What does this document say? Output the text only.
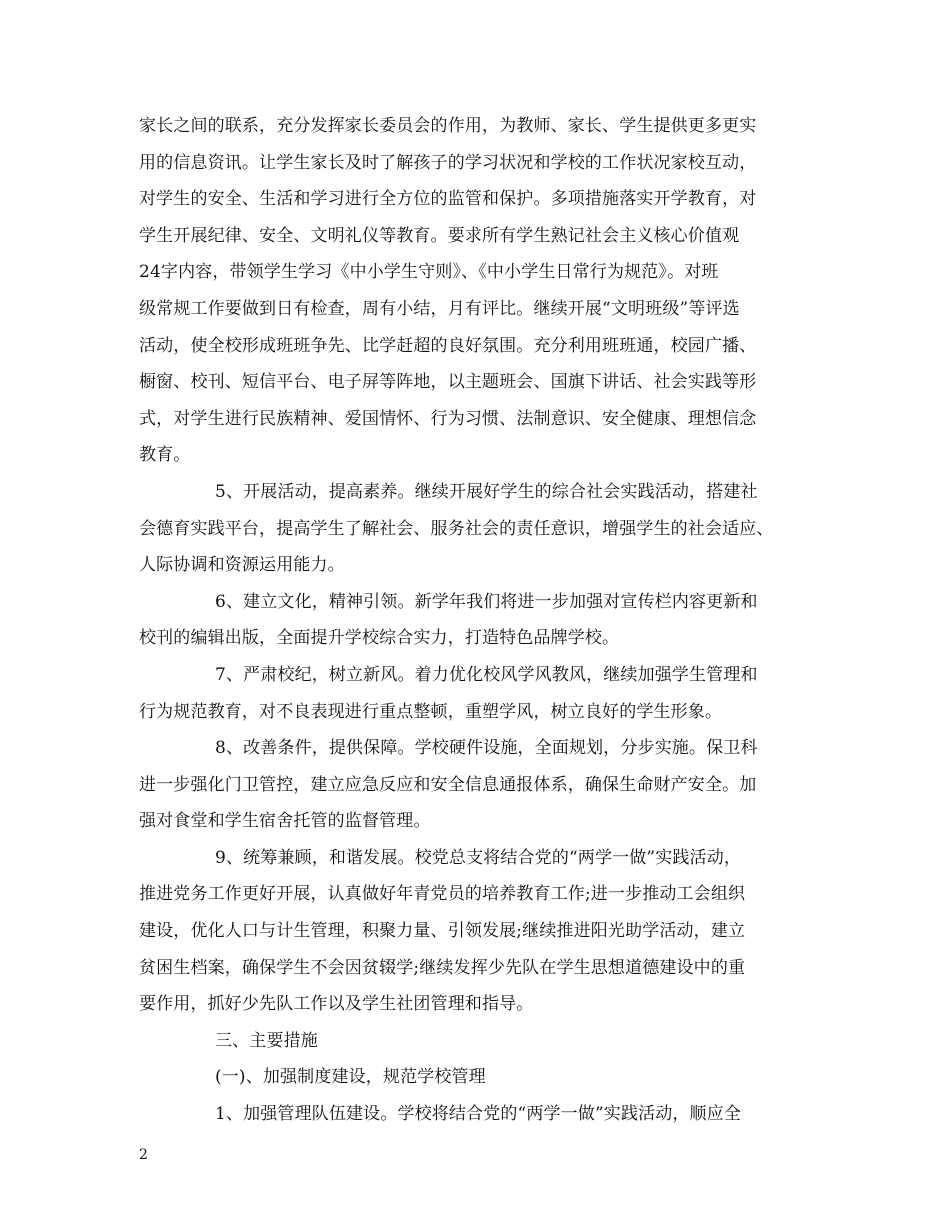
家长之间的联系，充分发挥家长委员会的作用，为教师、家长、学生提供更多更实
用的信息资讯。让学生家长及时了解孩子的学习状况和学校的工作状况家校互动，
对学生的安全、生活和学习进行全方位的监管和保护。多项措施落实开学教育，对
学生开展纪律、安全、文明礼仪等教育。要求所有学生熟记社会主义核心价值观
24字内容，带领学生学习《中小学生守则》、《中小学生日常行为规范》。对班
级常规工作要做到日有检查，周有小结，月有评比。继续开展“文明班级”等评选
活动，使全校形成班班争先、比学赶超的良好氛围。充分利用班班通，校园广播、
橱窗、校刊、短信平台、电子屏等阵地，以主题班会、国旗下讲话、社会实践等形
式，对学生进行民族精神、爱国情怀、行为习惯、法制意识、安全健康、理想信念
教育。
5、开展活动，提高素养。继续开展好学生的综合社会实践活动，搭建社
会德育实践平台，提高学生了解社会、服务社会的责任意识，增强学生的社会适应、
人际协调和资源运用能力。
6、建立文化，精神引领。新学年我们将进一步加强对宣传栏内容更新和
校刊的编辑出版，全面提升学校综合实力，打造特色品牌学校。
7、严肃校纪，树立新风。着力优化校风学风教风，继续加强学生管理和
行为规范教育，对不良表现进行重点整顿，重塑学风，树立良好的学生形象。
8、改善条件，提供保障。学校硬件设施，全面规划，分步实施。保卫科
进一步强化门卫管控，建立应急反应和安全信息通报体系，确保生命财产安全。加
强对食堂和学生宿舍托管的监督管理。
9、统筹兼顾，和谐发展。校党总支将结合党的“两学一做”实践活动，
推进党务工作更好开展，认真做好年青党员的培养教育工作;进一步推动工会组织
建设，优化人口与计生管理，积聚力量、引领发展;继续推进阳光助学活动，建立
贫困生档案，确保学生不会因贫辍学;继续发挥少先队在学生思想道德建设中的重
要作用，抓好少先队工作以及学生社团管理和指导。
三、主要措施
(一)、加强制度建设，规范学校管理
1、加强管理队伍建设。学校将结合党的“两学一做”实践活动，顺应全
2
